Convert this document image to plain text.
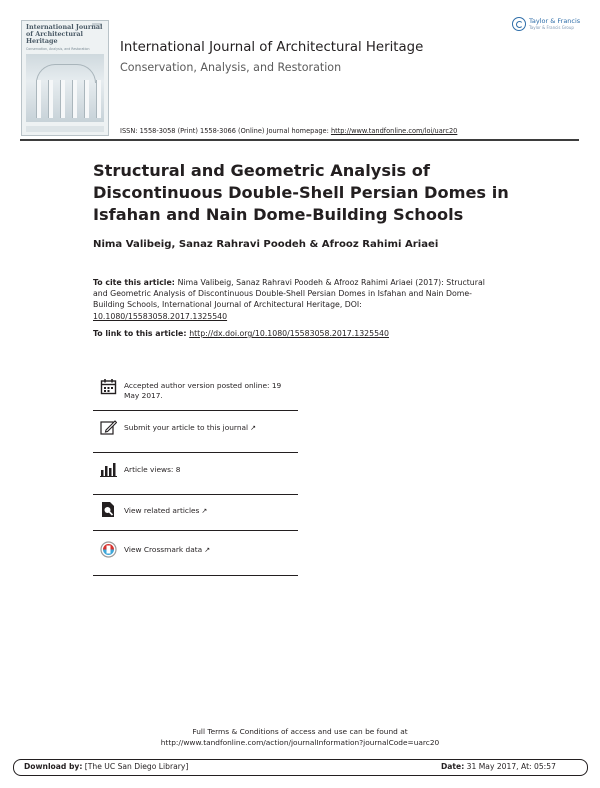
International Journal of Architectural Heritage
Conservation, Analysis, and Restoration
Taylor & Francis
Taylor & Francis Group
International Journal of Architectural Heritage
Conservation, Analysis, and Restoration
ISSN: 1558-3058 (Print) 1558-3066 (Online) Journal homepage: http://www.tandfonline.com/loi/uarc20
Structural and Geometric Analysis of Discontinuous Double-Shell Persian Domes in Isfahan and Nain Dome-Building Schools
Nima Valibeig, Sanaz Rahravi Poodeh & Afrooz Rahimi Ariaei
To cite this article: Nima Valibeig, Sanaz Rahravi Poodeh & Afrooz Rahimi Ariaei (2017): Structural and Geometric Analysis of Discontinuous Double-Shell Persian Domes in Isfahan and Nain Dome-Building Schools, International Journal of Architectural Heritage, DOI: 10.1080/15583058.2017.1325540
To link to this article: http://dx.doi.org/10.1080/15583058.2017.1325540
Accepted author version posted online: 19 May 2017.
Submit your article to this journal ↗
Article views: 8
View related articles ↗
View Crossmark data ↗
Full Terms & Conditions of access and use can be found at
http://www.tandfonline.com/action/journalInformation?journalCode=uarc20
Download by: [The UC San Diego Library]	Date: 31 May 2017, At: 05:57
